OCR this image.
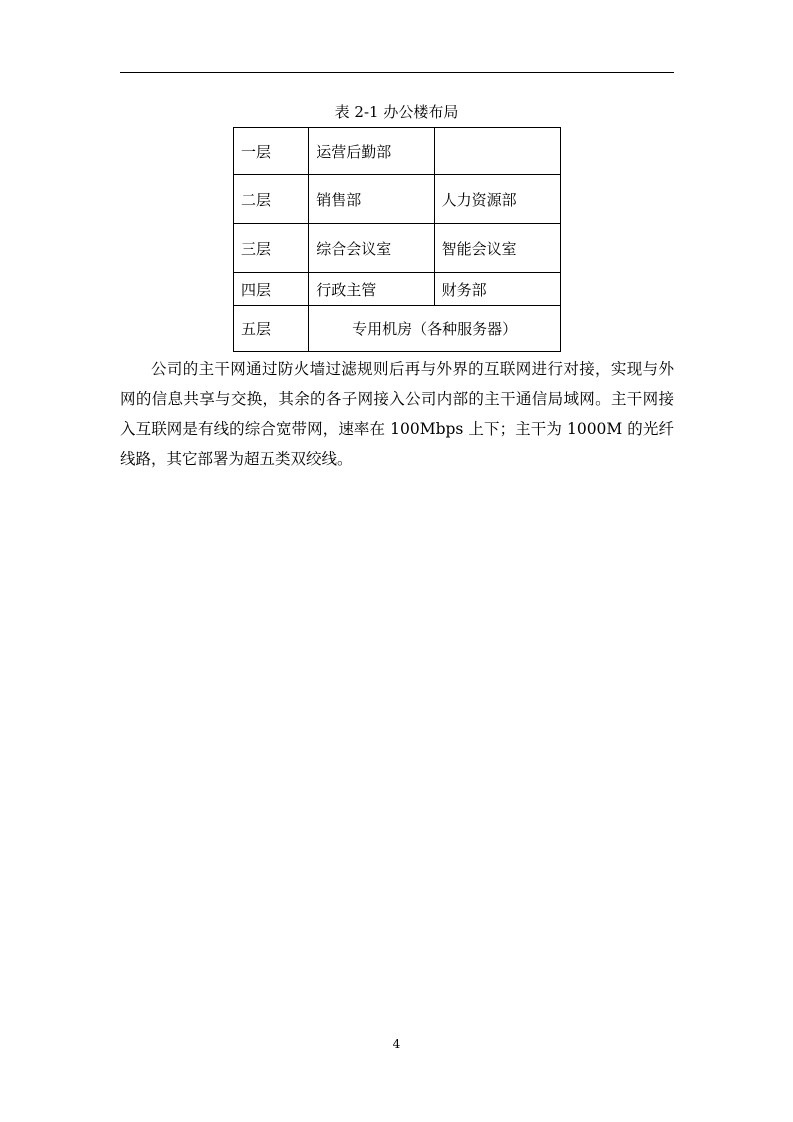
表 2-1 办公楼布局
一层	运营后勤部	
二层	销售部	人力资源部
三层	综合会议室	智能会议室
四层	行政主管	财务部
五层	专用机房（各种服务器）	

公司的主干网通过防火墙过滤规则后再与外界的互联网进行对接，实现与外网的信息共享与交换，其余的各子网接入公司内部的主干通信局域网。主干网接入互联网是有线的综合宽带网，速率在 100Mbps 上下；主干为 1000M 的光纤线路，其它部署为超五类双绞线。

4
